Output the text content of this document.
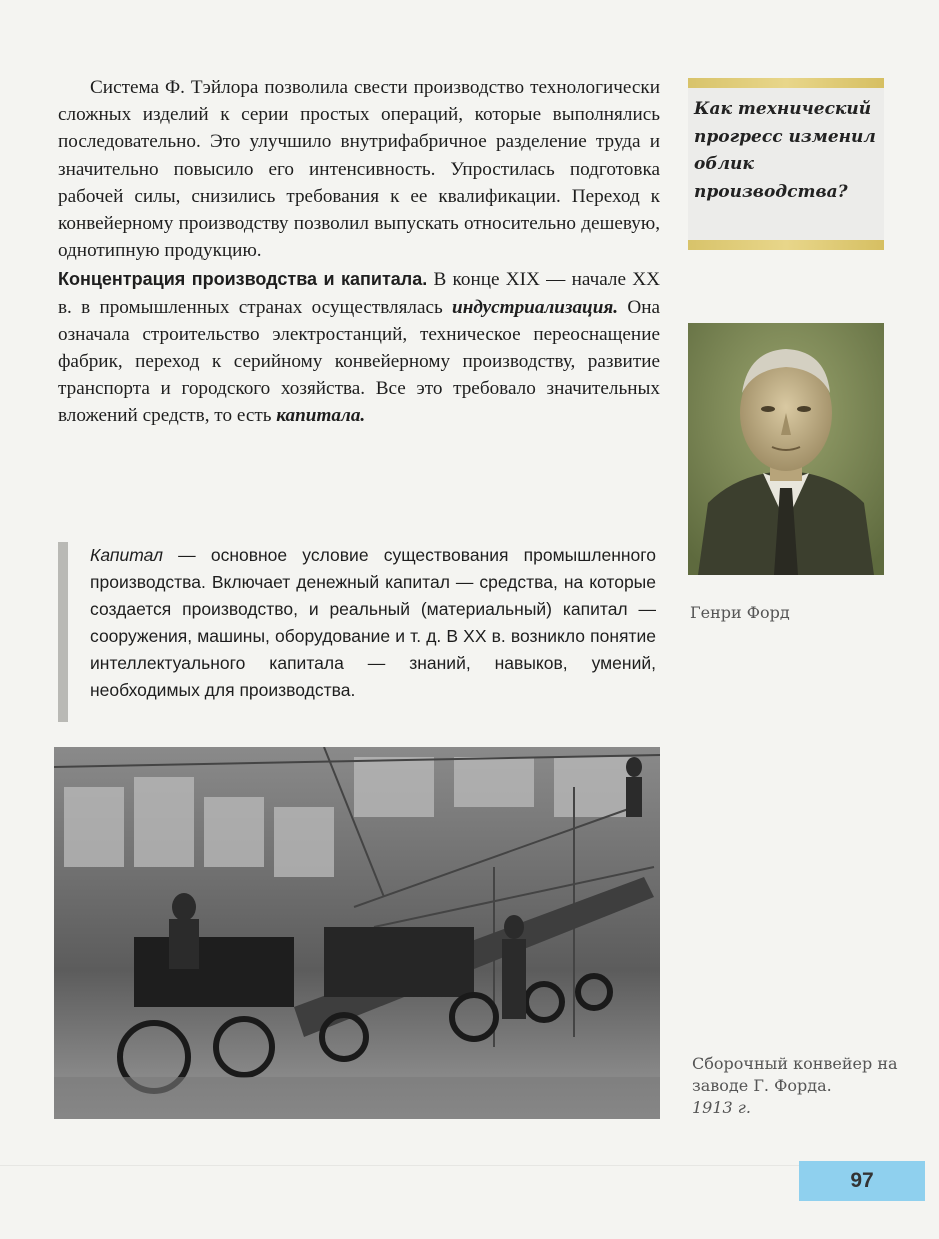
Система Ф. Тэйлора позволила свести производство технологически сложных изделий к серии простых операций, которые выполнялись последовательно. Это улучшило внутрифабричное разделение труда и значительно повысило его интенсивность. Упростилась подготовка рабочей силы, снизились требования к ее квалификации. Переход к конвейерному производству позволил выпускать относительно дешевую, однотипную продукцию.

Концентрация производства и капитала. В конце XIX — начале XX в. в промышленных странах осуществлялась индустриализация. Она означала строительство электростанций, техническое переоснащение фабрик, переход к серийному конвейерному производству, развитие транспорта и городского хозяйства. Все это требовало значительных вложений средств, то есть капитала.

Капитал — основное условие существования промышленного производства. Включает денежный капитал — средства, на которые создается производство, и реальный (материальный) капитал — сооружения, машины, оборудование и т. д. В XX в. возникло понятие интеллектуального капитала — знаний, навыков, умений, необходимых для производства.

Как технический прогресс изменил облик производства?

Генри Форд

Сборочный конвейер на заводе Г. Форда.
1913 г.

97
